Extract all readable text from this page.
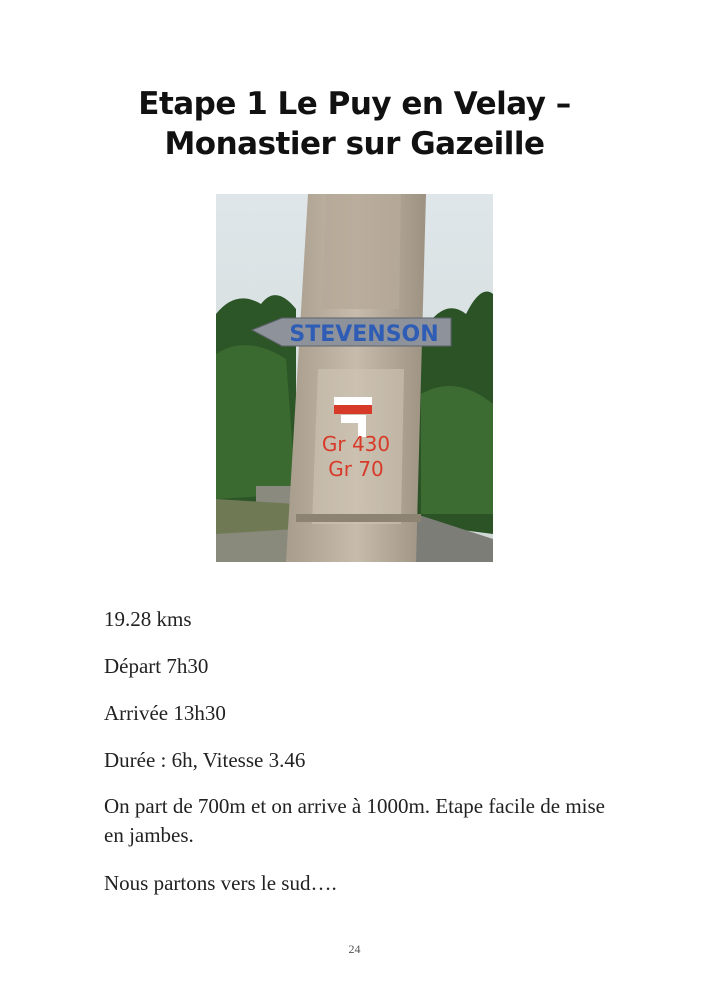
Etape 1 Le Puy en Velay –
Monastier sur Gazeille
STEVENSON
Gr 430
Gr 70
19.28 kms
Départ 7h30
Arrivée 13h30
Durée : 6h, Vitesse 3.46
On part de 700m et on arrive à 1000m. Etape facile de mise en jambes.
Nous partons vers le sud….
24
